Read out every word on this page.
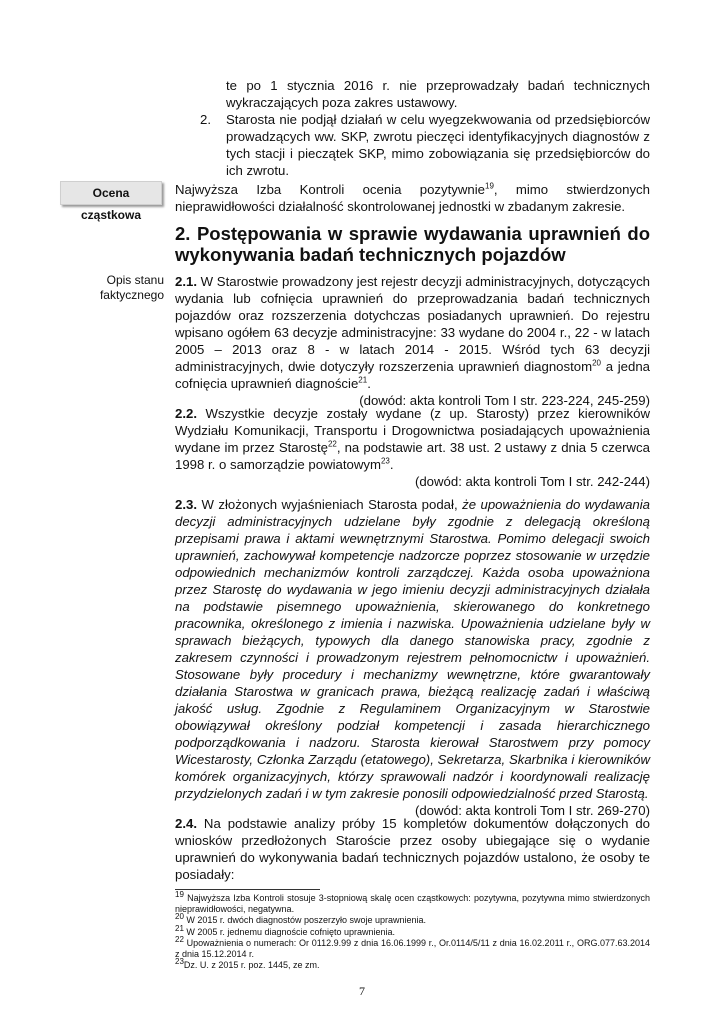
te po 1 stycznia 2016 r. nie przeprowadzały badań technicznych wykraczających poza zakres ustawowy.
2.	Starosta nie podjął działań w celu wyegzekwowania od przedsiębiorców prowadzących ww. SKP, zwrotu pieczęci identyfikacyjnych diagnostów z tych stacji i pieczątek SKP, mimo zobowiązania się przedsiębiorców do ich zwrotu.
Ocena cząstkowa
Najwyższa Izba Kontroli ocenia pozytywnie$^{19}$, mimo stwierdzonych nieprawidłowości działalność skontrolowanej jednostki w zbadanym zakresie.
2. Postępowania w sprawie wydawania uprawnień do wykonywania badań technicznych pojazdów
Opis stanu faktycznego
2.1. W Starostwie prowadzony jest rejestr decyzji administracyjnych, dotyczących wydania lub cofnięcia uprawnień do przeprowadzania badań technicznych pojazdów oraz rozszerzenia dotychczas posiadanych uprawnień. Do rejestru wpisano ogółem 63 decyzje administracyjne: 33 wydane do 2004 r., 22 - w latach 2005 – 2013 oraz 8 - w latach 2014 - 2015. Wśród tych 63 decyzji administracyjnych, dwie dotyczyły rozszerzenia uprawnień diagnostom$^{20}$ a jedna cofnięcia uprawnień diagnoście$^{21}$.
(dowód: akta kontroli Tom I str. 223-224, 245-259)
2.2. Wszystkie decyzje zostały wydane (z up. Starosty) przez kierowników Wydziału Komunikacji, Transportu i Drogownictwa posiadających upoważnienia wydane im przez Starostę$^{22}$, na podstawie art. 38 ust. 2 ustawy z dnia 5 czerwca 1998 r. o samorządzie powiatowym$^{23}$.
(dowód: akta kontroli Tom I str. 242-244)
2.3. W złożonych wyjaśnieniach Starosta podał, że upoważnienia do wydawania decyzji administracyjnych udzielane były zgodnie z delegacją określoną przepisami prawa i aktami wewnętrznymi Starostwa. Pomimo delegacji swoich uprawnień, zachowywał kompetencje nadzorcze poprzez stosowanie w urzędzie odpowiednich mechanizmów kontroli zarządczej. Każda osoba upoważniona przez Starostę do wydawania w jego imieniu decyzji administracyjnych działała na podstawie pisemnego upoważnienia, skierowanego do konkretnego pracownika, określonego z imienia i nazwiska. Upoważnienia udzielane były w sprawach bieżących, typowych dla danego stanowiska pracy, zgodnie z zakresem czynności i prowadzonym rejestrem pełnomocnictw i upoważnień. Stosowane były procedury i mechanizmy wewnętrzne, które gwarantowały działania Starostwa w granicach prawa, bieżącą realizację zadań i właściwą jakość usług. Zgodnie z Regulaminem Organizacyjnym w Starostwie obowiązywał określony podział kompetencji i zasada hierarchicznego podporządkowania i nadzoru. Starosta kierował Starostwem przy pomocy Wicestarosty, Członka Zarządu (etatowego), Sekretarza, Skarbnika i kierowników komórek organizacyjnych, którzy sprawowali nadzór i koordynowali realizację przydzielonych zadań i w tym zakresie ponosili odpowiedzialność przed Starostą.
(dowód: akta kontroli Tom I str. 269-270)
2.4. Na podstawie analizy próby 15 kompletów dokumentów dołączonych do wniosków przedłożonych Staroście przez osoby ubiegające się o wydanie uprawnień do wykonywania badań technicznych pojazdów ustalono, że osoby te posiadały:
$^{19}$ Najwyższa Izba Kontroli stosuje 3-stopniową skalę ocen cząstkowych: pozytywna, pozytywna mimo stwierdzonych nieprawidłowości, negatywna.
$^{20}$ W 2015 r. dwóch diagnostów poszerzyło swoje uprawnienia.
$^{21}$ W 2005 r. jednemu diagnoście cofnięto uprawnienia.
$^{22}$ Upoważnienia o numerach: Or 0112.9.99 z dnia 16.06.1999 r., Or.0114/5/11 z dnia 16.02.2011 r., ORG.077.63.2014 z dnia 15.12.2014 r.
$^{23}$Dz. U. z 2015 r. poz. 1445, ze zm.
7
